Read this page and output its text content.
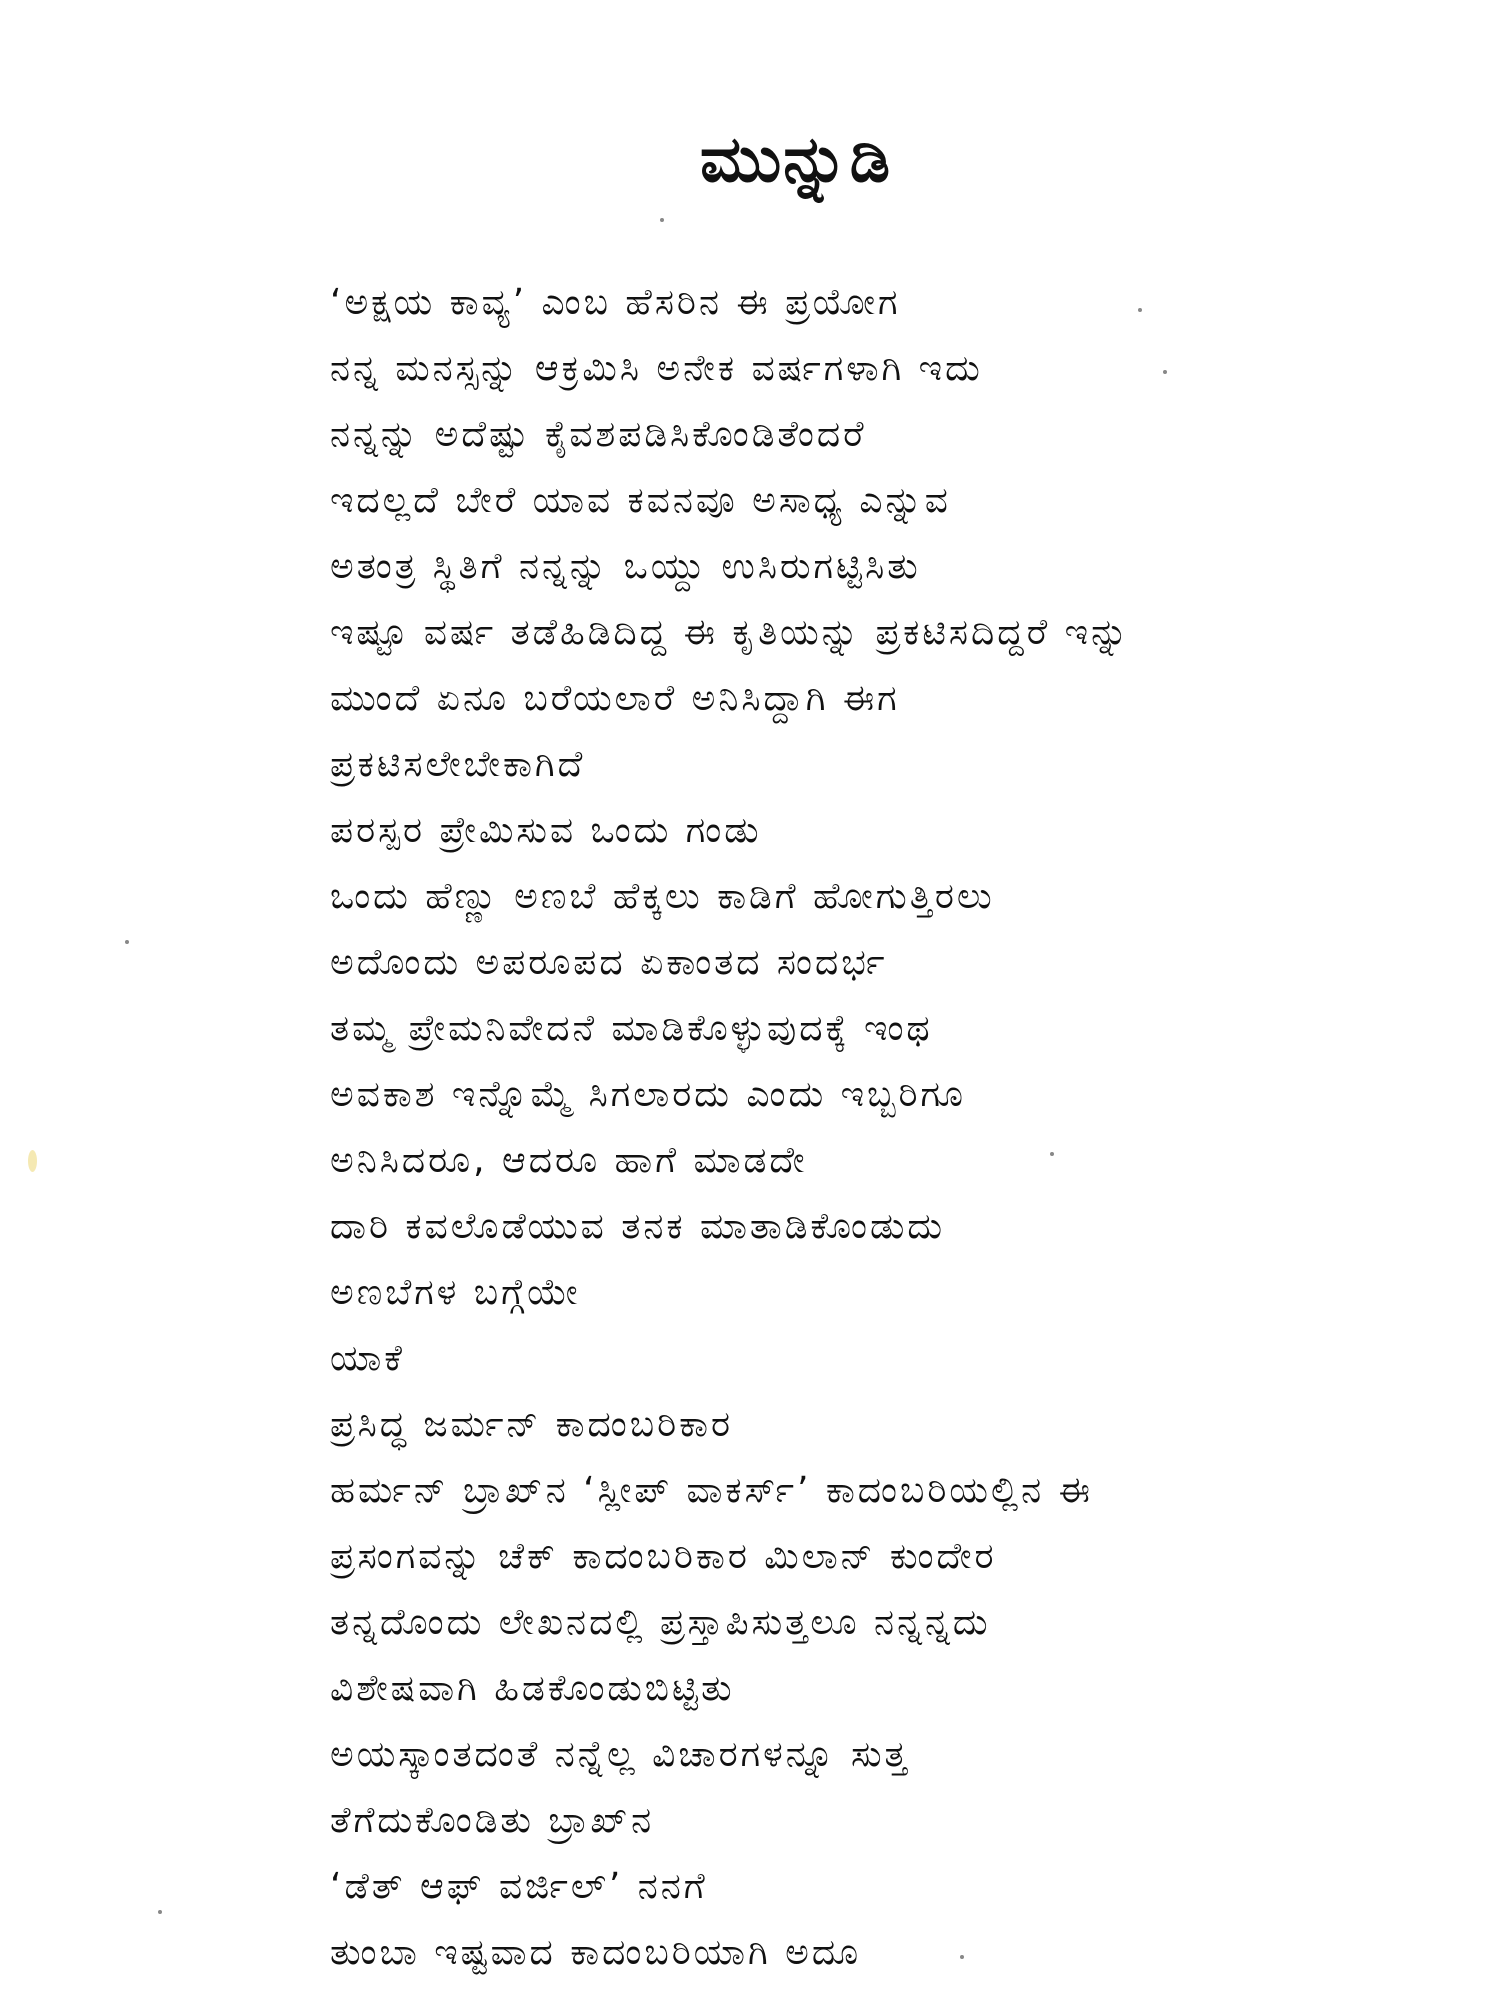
ಮುನ್ನುಡಿ
‘ಅಕ್ಷಯ ಕಾವ್ಯ’ ಎಂಬ ಹೆಸರಿನ ಈ ಪ್ರಯೋಗ
ನನ್ನ ಮನಸ್ಸನ್ನು ಆಕ್ರಮಿಸಿ ಅನೇಕ ವರ್ಷಗಳಾಗಿ ಇದು
ನನ್ನನ್ನು ಅದೆಷ್ಟು ಕೈವಶಪಡಿಸಿಕೊಂಡಿತೆಂದರೆ
ಇದಲ್ಲದೆ ಬೇರೆ ಯಾವ ಕವನವೂ ಅಸಾಧ್ಯ ಎನ್ನುವ
ಅತಂತ್ರ ಸ್ಥಿತಿಗೆ ನನ್ನನ್ನು ಒಯ್ದು ಉಸಿರುಗಟ್ಟಿಸಿತು
ಇಷ್ಟೂ ವರ್ಷ ತಡೆಹಿಡಿದಿದ್ದ ಈ ಕೃತಿಯನ್ನು ಪ್ರಕಟಿಸದಿದ್ದರೆ ಇನ್ನು
ಮುಂದೆ ಏನೂ ಬರೆಯಲಾರೆ ಅನಿಸಿದ್ದಾಗಿ ಈಗ
ಪ್ರಕಟಿಸಲೇಬೇಕಾಗಿದೆ
ಪರಸ್ಪರ ಪ್ರೇಮಿಸುವ ಒಂದು ಗಂಡು
ಒಂದು ಹೆಣ್ಣು ಅಣಬೆ ಹೆಕ್ಕಲು ಕಾಡಿಗೆ ಹೋಗುತ್ತಿರಲು
ಅದೊಂದು ಅಪರೂಪದ ಏಕಾಂತದ ಸಂದರ್ಭ
ತಮ್ಮ ಪ್ರೇಮನಿವೇದನೆ ಮಾಡಿಕೊಳ್ಳುವುದಕ್ಕೆ ಇಂಥ
ಅವಕಾಶ ಇನ್ನೊಮ್ಮೆ ಸಿಗಲಾರದು ಎಂದು ಇಬ್ಬರಿಗೂ
ಅನಿಸಿದರೂ, ಆದರೂ ಹಾಗೆ ಮಾಡದೇ
ದಾರಿ ಕವಲೊಡೆಯುವ ತನಕ ಮಾತಾಡಿಕೊಂಡುದು
ಅಣಬೆಗಳ ಬಗ್ಗೆಯೇ
ಯಾಕೆ
ಪ್ರಸಿದ್ಧ ಜರ್ಮನ್ ಕಾದಂಬರಿಕಾರ
ಹರ್ಮನ್ ಬ್ರಾಖ್‌ನ ‘ಸ್ಲೀಪ್ ವಾಕರ್ಸ್’ ಕಾದಂಬರಿಯಲ್ಲಿನ ಈ
ಪ್ರಸಂಗವನ್ನು ಚೆಕ್ ಕಾದಂಬರಿಕಾರ ಮಿಲಾನ್ ಕುಂದೇರ
ತನ್ನದೊಂದು ಲೇಖನದಲ್ಲಿ ಪ್ರಸ್ತಾಪಿಸುತ್ತಲೂ ನನ್ನನ್ನದು
ವಿಶೇಷವಾಗಿ ಹಿಡಕೊಂಡುಬಿಟ್ಟಿತು
ಅಯಸ್ಕಾಂತದಂತೆ ನನ್ನೆಲ್ಲ ವಿಚಾರಗಳನ್ನೂ ಸುತ್ತ
ತೆಗೆದುಕೊಂಡಿತು ಬ್ರಾಖ್‌ನ
‘ಡೆತ್ ಆಫ್ ವರ್ಜಿಲ್’ ನನಗೆ
ತುಂಬಾ ಇಷ್ಟವಾದ ಕಾದಂಬರಿಯಾಗಿ ಅದೂ
